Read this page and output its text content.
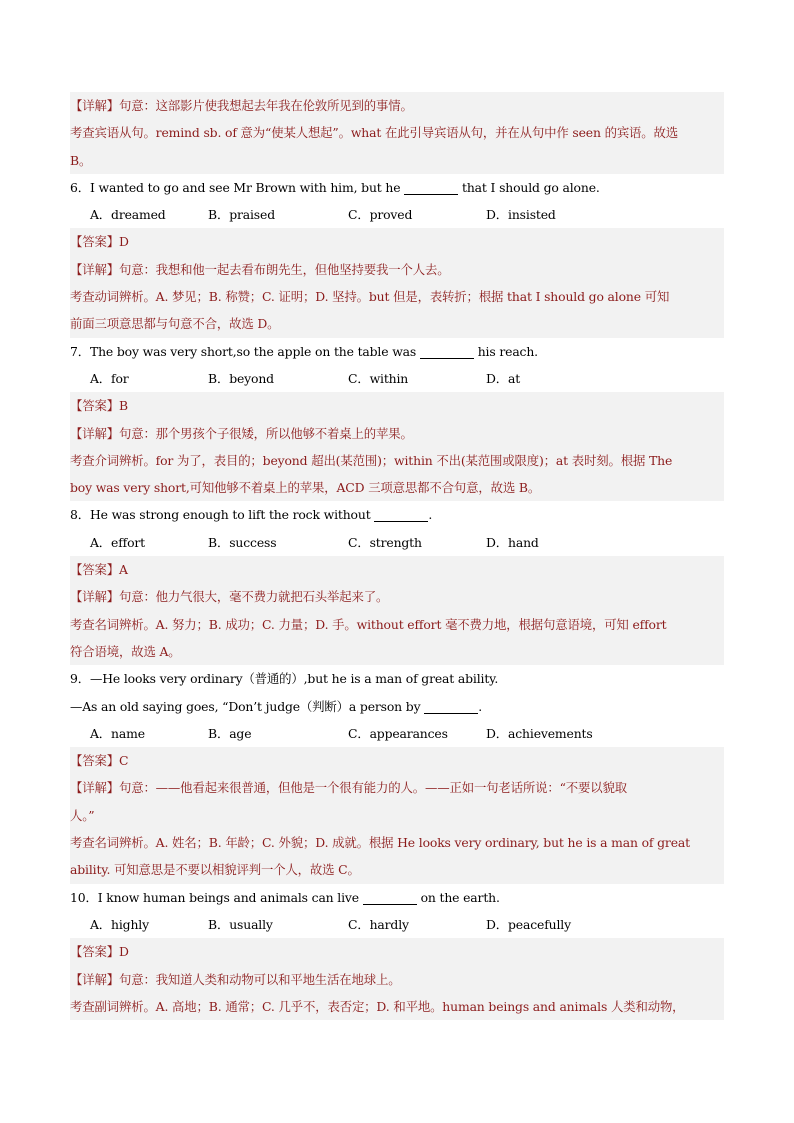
【详解】句意：这部影片使我想起去年我在伦敦所见到的事情。
考查宾语从句。remind sb. of 意为“使某人想起”。what 在此引导宾语从句，并在从句中作 seen 的宾语。故选
B。
6．I wanted to go and see Mr Brown with him, but he	that I should go alone.
A．dreamed	B．praised	C．proved	D．insisted
【答案】D
【详解】句意：我想和他一起去看布朗先生，但他坚持要我一个人去。
考查动词辨析。A. 梦见；B. 称赞；C. 证明；D. 坚持。but 但是，表转折；根据 that I should go alone 可知
前面三项意思都与句意不合，故选 D。
7．The boy was very short,so the apple on the table was	his reach.
A．for	B．beyond	C．within	D．at
【答案】B
【详解】句意：那个男孩个子很矮，所以他够不着桌上的苹果。
考查介词辨析。for 为了，表目的；beyond 超出(某范围)；within 不出(某范围或限度)；at 表时刻。根据 The
boy was very short,可知他够不着桌上的苹果，ACD 三项意思都不合句意，故选 B。
8．He was strong enough to lift the rock without	.
A．effort	B．success	C．strength	D．hand
【答案】A
【详解】句意：他力气很大，毫不费力就把石头举起来了。
考查名词辨析。A. 努力；B. 成功；C. 力量；D. 手。without effort 毫不费力地，根据句意语境，可知 effort
符合语境，故选 A。
9．—He looks very ordinary（普通的）,but he is a man of great ability.
—As an old saying goes, “Don’t judge（判断）a person by	.
A．name	B．age	C．appearances	D．achievements
【答案】C
【详解】句意：——他看起来很普通，但他是一个很有能力的人。——正如一句老话所说：“不要以貌取
人。”
考查名词辨析。A. 姓名；B. 年龄；C. 外貌；D. 成就。根据 He looks very ordinary, but he is a man of great
ability. 可知意思是不要以相貌评判一个人，故选 C。
10．I know human beings and animals can live	on the earth.
A．highly	B．usually	C．hardly	D．peacefully
【答案】D
【详解】句意：我知道人类和动物可以和平地生活在地球上。
考查副词辨析。A. 高地；B. 通常；C. 几乎不，表否定；D. 和平地。human beings and animals 人类和动物，
